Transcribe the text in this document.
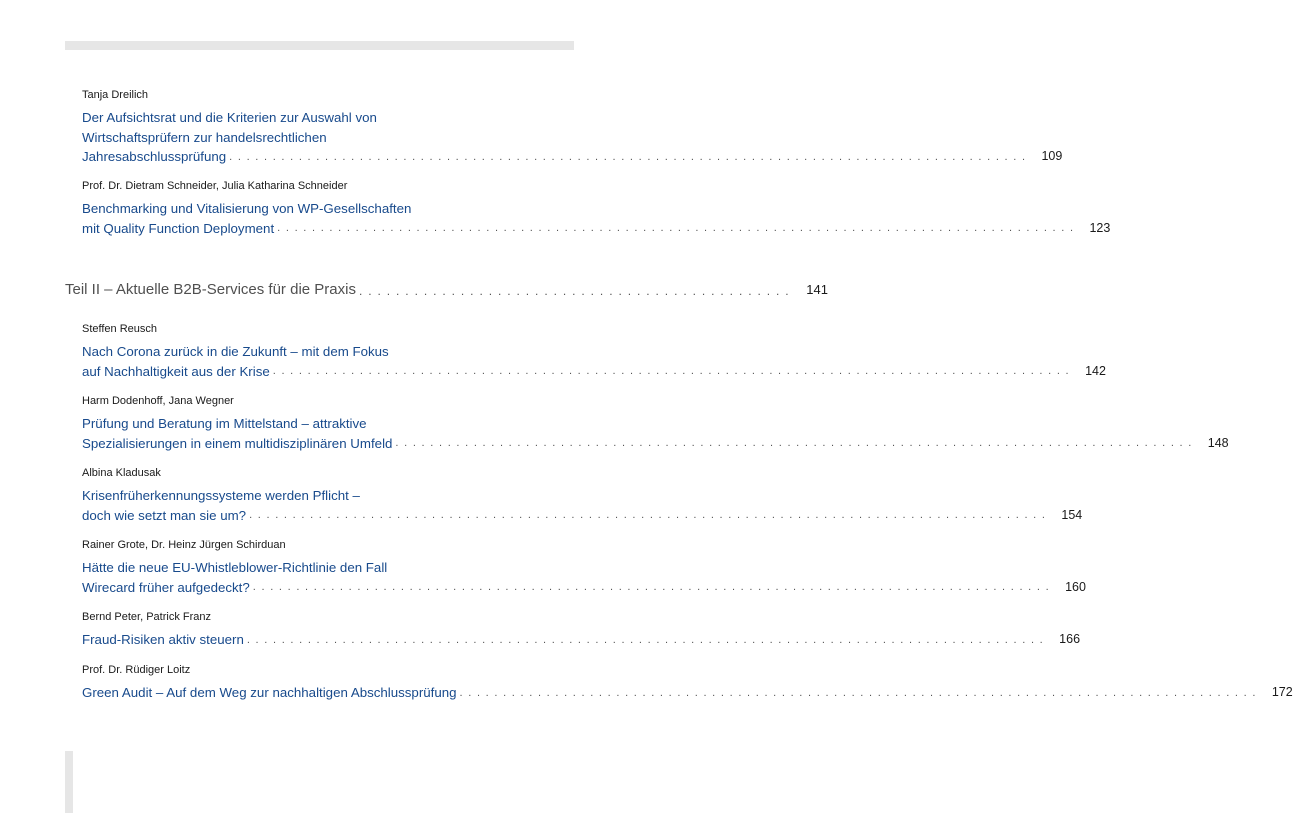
Tanja Dreilich
Der Aufsichtsrat und die Kriterien zur Auswahl von
Wirtschaftsprüfern zur handelsrechtlichen
Jahresabschlussprüfung . . . . . . . . . . . . . . . . . . . . . . . . . . . . . . . . . . . . . . . . . . . . . . . . . . . . . . . . . . . . . . . . . . . . . . . . . . . . . . . . . . . . . . . . . . . .	109
Prof. Dr. Dietram Schneider, Julia Katharina Schneider
Benchmarking und Vitalisierung von WP-Gesellschaften
mit Quality Function Deployment . . . . . . . . . . . . . . . . . . . . . . . . . . . . . . . . . . . . . . . . . . . . . . . . . . . . . . . . . . . . . . . . . . . . . . . . . . . . . . . . . . . . . . . . . . . .	123
Teil II – Aktuelle B2B-Services für die Praxis . . . . . . . . . . . . . . . . . . . . . . . . . . . . . . . . . . . . . . . . . . . . . . .	141
Steffen Reusch
Nach Corona zurück in die Zukunft – mit dem Fokus
auf Nachhaltigkeit aus der Krise . . . . . . . . . . . . . . . . . . . . . . . . . . . . . . . . . . . . . . . . . . . . . . . . . . . . . . . . . . . . . . . . . . . . . . . . . . . . . . . . . . . . . . . . . . . .	142
Harm Dodenhoff, Jana Wegner
Prüfung und Beratung im Mittelstand – attraktive
Spezialisierungen in einem multidisziplinären Umfeld . . . . . . . . . . . . . . . . . . . . . . . . . . . . . . . . . . . . . . . . . . . . . . . . . . . . . . . . . . . . . . . . . . . . . . . . . . . . . . . . . . . . . . . . . . . .	148
Albina Kladusak
Krisenfrüherkennungssysteme werden Pflicht –
doch wie setzt man sie um? . . . . . . . . . . . . . . . . . . . . . . . . . . . . . . . . . . . . . . . . . . . . . . . . . . . . . . . . . . . . . . . . . . . . . . . . . . . . . . . . . . . . . . . . . . . .	154
Rainer Grote, Dr. Heinz Jürgen Schirduan
Hätte die neue EU-Whistleblower-Richtlinie den Fall
Wirecard früher aufgedeckt? . . . . . . . . . . . . . . . . . . . . . . . . . . . . . . . . . . . . . . . . . . . . . . . . . . . . . . . . . . . . . . . . . . . . . . . . . . . . . . . . . . . . . . . . . . . .	160
Bernd Peter, Patrick Franz
Fraud-Risiken aktiv steuern . . . . . . . . . . . . . . . . . . . . . . . . . . . . . . . . . . . . . . . . . . . . . . . . . . . . . . . . . . . . . . . . . . . . . . . . . . . . . . . . . . . . . . . . . . . .	166
Prof. Dr. Rüdiger Loitz
Green Audit – Auf dem Weg zur nachhaltigen Abschlussprüfung . . . . . . . . . . . . . . . . . . . . . . . . . . . . . . . . . . . . . . . . . . . . . . . . . . . . . . . . . . . . . . . . . . . . . . . . . . . . . . . . . . . . . . . . . . . .	172
